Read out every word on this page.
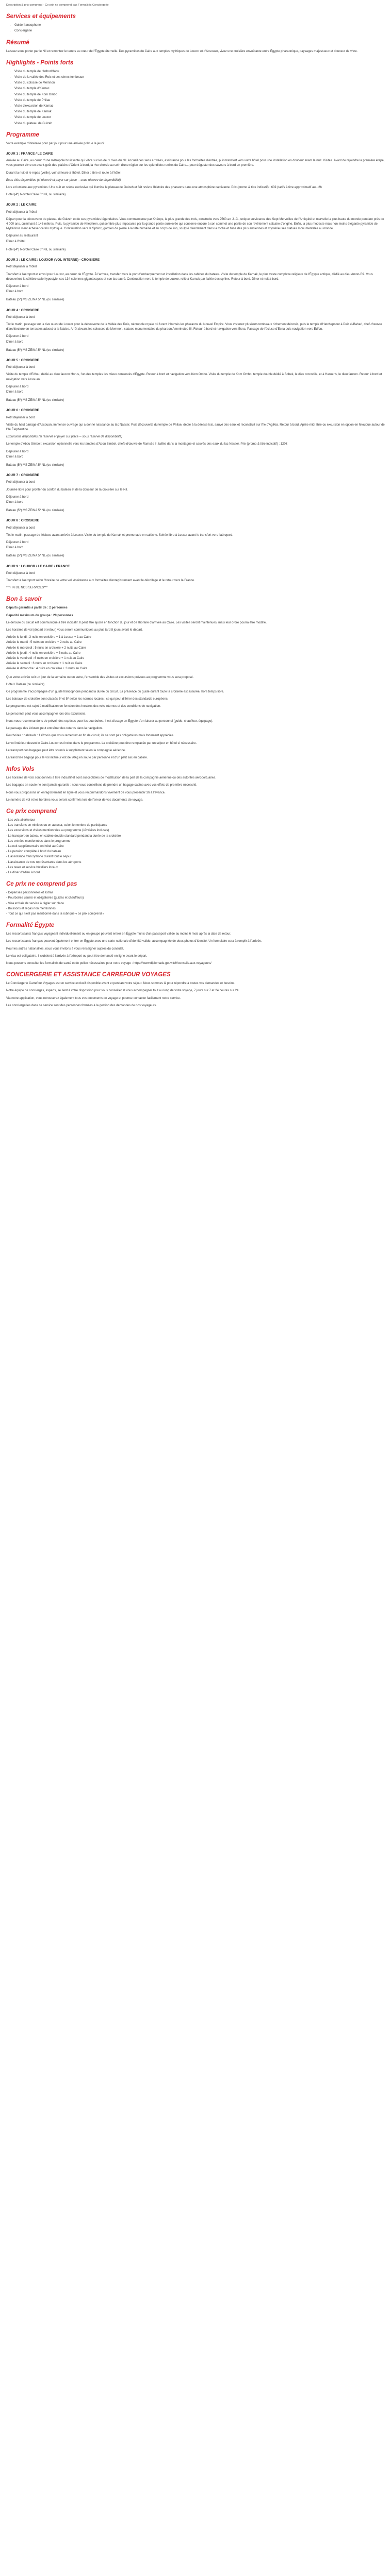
Description & prix comprend - Ce prix ne comprend pas Formalités Conciergerie
Services et équipements
• Guide francophone
• Conciergerie
Résumé
Laissez-vous porter par le Nil et remontez le temps au cœur de l'Égypte éternelle. Des pyramides du Caire aux temples mythiques de Louxor et d'Assouan, vivez une croisière envoûtante entre Égypte pharaonique, paysages majestueux et douceur de vivre.
Highlights - Points forts
• Visite du temple de Hathor/Habu
• Visite de la vallée des Rois et ses cimes tombeaux
• Visite du colosse de Memnon
• Visite du temple d'Karnac
• Visite du temple de Kom Ombo
• Visite du temple de Philae
• Visite d'excursion de Karnac
• Visite du temple de Karnak
• Visite du temple de Louxor
• Visite du plateau de Guizeh
Programme
Votre exemple d'itinéraire pour par jour pour une arrivée prévue le jeudi :
JOUR 1 : FRANCE / LE CAIRE
Arrivée au Caire, au cœur d'une métropole bruissante qui vibre sur les deux rives du Nil. Accueil des sens arrivées, assistance pour les formalités d'entrée, puis transfert vers votre hôtel pour une installation en douceur avant la nuit. Visites. Avant de rejoindre la première étape, vous pourrez vivre un avant-goût des plaisirs d'Orient à bord, la rive choisie au sein d'une région sur les splendides ruelles du Caire... pour déguster des saveurs à bord en première.
Durant la nuit et le repas (veille), voir si heure à l'hôtel. Dîner : libre et route à l'hôtel
Ecus étés disponibles (si réservé et payer sur place -- sous réserve de disponibilité)
Lors et lumière aux pyramides: Une nuit en scène exclusive qui illumine le plateau de Guizeh et fait revivre l'histoire des pharaons dans une atmosphère captivante. Prix (promo & titre indicatif) : 60€ (tarifs à titre approximatif au - 2h
Hotel (4*) Novotel Caire 6° Nil, ou similaire)
JOUR 2 : LE CAIRE
Petit déjeuner à l'hôtel
Départ pour la découverte du plateau de Guizeh et de ses pyramides légendaires. Vous commencerez par Khéops, la plus grande des trois, construite vers 2560 av. J.-C., unique survivance des Sept Merveilles de l'Antiquité et marvelle la plus haute du monde pendant près de 4 000 ans, culminant à 146 mètres. Puis, la pyramide de Khéphren, qui semble plus imposante par la grande pente surélevée qui conserve encore à son sommet une partie de son revêtement calcaire d'origine. Enfin, la plus modeste mais non moins élégante pyramide de Mykérinos vient achever ce trio mythique. Continuation vers le Sphinx, gardien de pierre à la tête humaine et au corps de lion, sculpté directement dans la roche et l'une des plus anciennes et mystérieuses statues monumentales au monde.
Déjeuner au restaurant
Dîner à l'hôtel
Hotel (4*) Novotel Caire 6° Nil, ou similaire)
JOUR 3 : LE CAIRE / LOUXOR (VOL INTERNE) - CROISIERE
Petit déjeuner à l'hôtel
Transfert à l'aéroport et envol pour Louxor, au cœur de l'Égypte. À l'arrivée, transfert vers le port d'embarquement et installation dans les cabines du bateau. Visite du temple de Karnak, le plus vaste complexe religieux de l'Égypte antique, dédié au dieu Amon-Rê. Vous découvrirez la célèbre salle hypostyle, ses 134 colonnes gigantesques et son lac sacré. Continuation vers le temple de Louxor, relié à Karnak par l'allée des sphinx. Retour à bord. Dîner et nuit à bord.
Déjeuner à bord
Dîner à bord
Bateau (5*) MS ZEINA 5* NL (ou similaire)
JOUR 4 : CROISIERE
Petit déjeuner à bord
Tôt le matin, passage sur la rive ouest de Louxor pour la découverte de la Vallée des Rois, nécropole royale où furent inhumés les pharaons du Nouvel Empire. Vous visiterez plusieurs tombeaux richement décorés, puis le temple d'Hatchepsout à Deir el-Bahari, chef-d'œuvre d'architecture en terrasses adossé à la falaise. Arrêt devant les colosses de Memnon, statues monumentales du pharaon Amenhotep III. Retour à bord et navigation vers Esna. Passage de l'écluse d'Esna puis navigation vers Edfou.
Déjeuner à bord
Dîner à bord
Bateau (5*) MS ZEINA 5* NL (ou similaire)
JOUR 5 : CROISIERE
Petit déjeuner à bord
Visite du temple d'Edfou, dédié au dieu faucon Horus, l'un des temples les mieux conservés d'Égypte. Retour à bord et navigation vers Kom Ombo. Visite du temple de Kom Ombo, temple double dédié à Sobek, le dieu crocodile, et à Haroeris, le dieu faucon. Retour à bord et navigation vers Assouan.
Déjeuner à bord
Dîner à bord
Bateau (5*) MS ZEINA 5* NL (ou similaire)
JOUR 6 : CROISIERE
Petit déjeuner à bord
Visite du haut barrage d'Assouan, immense ouvrage qui a donné naissance au lac Nasser. Puis découverte du temple de Philae, dédié à la déesse Isis, sauvé des eaux et reconstruit sur l'île d'Agilkia. Retour à bord. Après-midi libre ou excursion en option en felouque autour de l'île Éléphantine.
Excursions disponibles (si réservé et payer sur place -- sous réserve de disponibilité)
Le temple d'Abou Simbel : excursion optionnelle vers les temples d'Abou Simbel, chefs-d'œuvre de Ramsès II, taillés dans la montagne et sauvés des eaux du lac Nasser. Prix (promo & titre indicatif) : 120€
Déjeuner à bord
Dîner à bord
Bateau (5*) MS ZEINA 5* NL (ou similaire)
JOUR 7 : CROISIERE
Petit déjeuner à bord
Journée libre pour profiter du confort du bateau et de la douceur de la croisière sur le Nil.
Déjeuner à bord
Dîner à bord
Bateau (5*) MS ZEINA 5* NL (ou similaire)
JOUR 8 : CROISIERE
Petit déjeuner à bord
Tôt le matin, passage de l'écluse avant arrivée à Louxor. Visite du temple de Karnak et promenade en calèche. Soirée libre à Louxor avant le transfert vers l'aéroport.
Déjeuner à bord
Dîner à bord
Bateau (5*) MS ZEINA 5* NL (ou similaire)
JOUR 9 : LOUXOR / LE CAIRE / FRANCE
Petit déjeuner à bord
Transfert à l'aéroport selon l'horaire de votre vol. Assistance aux formalités d'enregistrement avant le décollage et le retour vers la France.
***FIN DE NOS SERVICES***
Bon à savoir
Départs garantis à partir de : 2 personnes
Capacité maximum du groupe : 20 personnes
Le déroulé du circuit est communiqué à titre indicatif. Il peut être ajusté en fonction du jour et de l'horaire d'arrivée au Caire. Les visites seront maintenues, mais leur ordre pourra être modifié.
Les horaires de vol (départ et retour) vous seront communiqués au plus tard 8 jours avant le départ.
Arrivée le lundi : 3 nuits en croisière + 1 à Louxor + 1 au Caire
Arrivée le mardi : 5 nuits en croisière + 2 nuits au Caire
Arrivée le mercredi : 5 nuits en croisière + 2 nuits au Caire
Arrivée le jeudi : 4 nuits en croisière + 3 nuits au Caire
Arrivée le vendredi : 6 nuits en croisière + 1 nuit au Caire
Arrivée le samedi : 6 nuits en croisière + 1 nuit au Caire
Arrivée le dimanche : 4 nuits en croisière + 3 nuits au Caire
Que votre arrivée soit un jour de la semaine ou un autre, l'ensemble des visites et excursions prévues au programme vous sera proposé.
Hôtel / Bateau (ou similaire)
Ce programme s'accompagne d'un guide francophone pendant la durée du circuit. La présence du guide durant toute la croisière est assurée, hors temps libre.
Les bateaux de croisière sont classés 5* et 5* selon les normes locales ; ce qui peut différer des standards européens.
Le programme est sujet à modification en fonction des horaires des vols internes et des conditions de navigation.
Le personnel peut vous accompagner lors des excursions.
Nous vous recommandons de prévoir des espèces pour les pourboires, il est d'usage en Égypte d'en laisser au personnel (guide, chauffeur, équipage).
Le passage des écluses peut entraîner des retards dans la navigation.
Pourboires : habituels : 1 €/mois que vous remettrez en fin de circuit, ils ne sont pas obligatoires mais fortement appréciés.
Le vol intérieur devant le Caire-Louxor est inclus dans le programme. La croisière peut être remplacée par un séjour en hôtel si nécessaire.
Le transport des bagages peut être soumis à supplément selon la compagnie aérienne.
La franchise bagage pour le vol intérieur est de 20kg en soute par personne et d'un petit sac en cabine.
Infos Vols
Les horaires de vols sont donnés à titre indicatif et sont susceptibles de modification de la part de la compagnie aérienne ou des autorités aéroportuaires.
Les bagages en soute ne sont jamais garantis : nous vous conseillons de prendre un bagage cabine avec vos effets de première nécessité.
Nous vous proposons un enregistrement en ligne et vous recommandons vivement de vous présenter 3h à l'avance.
Le numéro de vol et les horaires vous seront confirmés lors de l'envoi de vos documents de voyage.
Ce prix comprend
- Les vols aller/retour
- Les transferts en minibus ou en autocar, selon le nombre de participants
- Les excursions et visites mentionnées au programme (10 visites incluses)
- Le transport en bateau en cabine double standard pendant la durée de la croisière
- Les entrées mentionnées dans le programme
- La nuit supplémentaire en hôtel au Caire
- La pension complète à bord du bateau
- L'assistance francophone durant tout le séjour
- L'assistance de nos représentants dans les aéroports
- Les taxes et service hôteliers locaux
- Le dîner d'adieu à bord
Ce prix ne comprend pas
- Dépenses personnelles et extras
- Pourboires usuels et obligatoires (guides et chauffeurs)
- Visa et frais de service à régler sur place
- Boissons et repas non mentionnés
- Tout ce qui n'est pas mentionné dans la rubrique « ce prix comprend »
Formalité Égypte
Les ressortissants français voyageant individuellement ou en groupe peuvent entrer en Égypte munis d'un passeport valide au moins 6 mois après la date de retour.
Les ressortissants français peuvent également entrer en Égypte avec une carte nationale d'identité valide, accompagnée de deux photos d'identité. Un formulaire sera à remplir à l'arrivée.
Pour les autres nationalités, nous vous invitons à vous renseigner auprès du consulat.
Le visa est obligatoire. Il s'obtient à l'arrivée à l'aéroport ou peut être demandé en ligne avant le départ.
Nous pouvons consulter les formalités de santé et de police nécessaires pour votre voyage : https://www.diplomatie.gouv.fr/fr/conseils-aux-voyageurs/
CONCIERGERIE ET ASSISTANCE CARREFOUR VOYAGES
Le Conciergerie Carrefour Voyages est un service exclusif disponible avant et pendant votre séjour. Nous sommes là pour répondre à toutes vos demandes et besoins.
Notre équipe de concierges, experts, se tient à votre disposition pour vous conseiller et vous accompagner tout au long de votre voyage, 7 jours sur 7 et 24 heures sur 24.
Via notre application, vous retrouverez également tous vos documents de voyage et pourrez contacter facilement notre service.
Les conciergeries dans ce service sont des personnes formées à la gestion des demandes de nos voyageurs.
